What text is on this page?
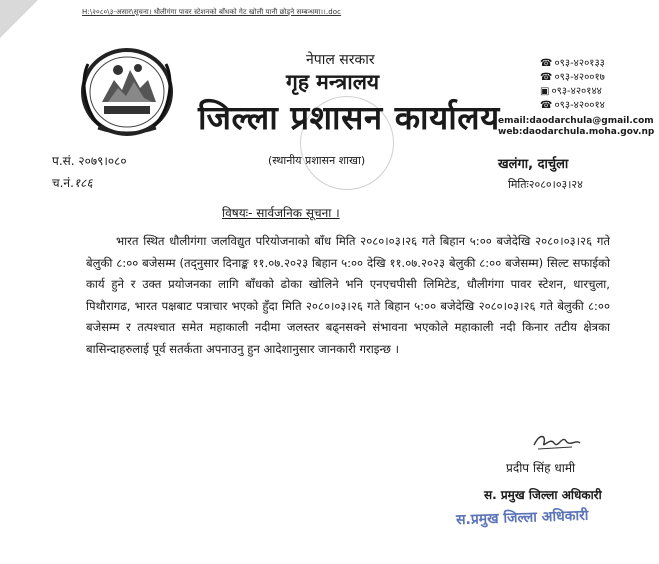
H:\२०८०\३-असार\सूचना। धौलीगंगा पावर स्टेशनको बाँधको गेट खोली पानी छोड्ने सम्बन्धमा।।.doc
नेपाल सरकार
गृह मन्त्रालय
जिल्ला प्रशासन कार्यालय
(स्थानीय प्रशासन शाखा)
☎ ०९३-४२०१३३
☎ ०९३-४२००१७
▣ ०९३-४२०१४४
☎ ०९३-४२००१४
email:daodarchula@gmail.com
web:daodarchula.moha.gov.np
प.सं. २०७९।०८०
च.नं.१८६
खलंगा, दार्चुला
मितिः२०८०।०३।२४
विषयः- सार्वजनिक सूचना ।
भारत स्थित धौलीगंगा जलविद्युत परियोजनाको बाँध मिति २०८०।०३।२६ गते बिहान ५:०० बजेदेखि २०८०।०३।२६ गते बेलुकी ८:०० बजेसम्म (तद्नुसार दिनाङ्क ११.०७.२०२३ बिहान ५:०० देखि ११.०७.२०२३ बेलुकी ८:०० बजेसम्म) सिल्ट सफाईको कार्य हुने र उक्त प्रयोजनका लागि बाँधको ढोका खोलिने भनि एनएचपीसी लिमिटेड, धौलीगंगा पावर स्टेशन, धारचुला, पिथौरागढ, भारत पक्षबाट पत्राचार भएको हुँदा मिति २०८०।०३।२६ गते बिहान ५:०० बजेदेखि २०८०।०३।२६ गते बेलुकी ८:०० बजेसम्म र तत्पश्चात समेत महाकाली नदीमा जलस्तर बढ्नसक्ने संभावना भएकोले महाकाली नदी किनार तटीय क्षेत्रका बासिन्दाहरुलाई पूर्व सतर्कता अपनाउनु हुन आदेशानुसार जानकारी गराइन्छ ।
प्रदीप सिंह धामी
स. प्रमुख जिल्ला अधिकारी
स.प्रमुख जिल्ला अधिकारी
